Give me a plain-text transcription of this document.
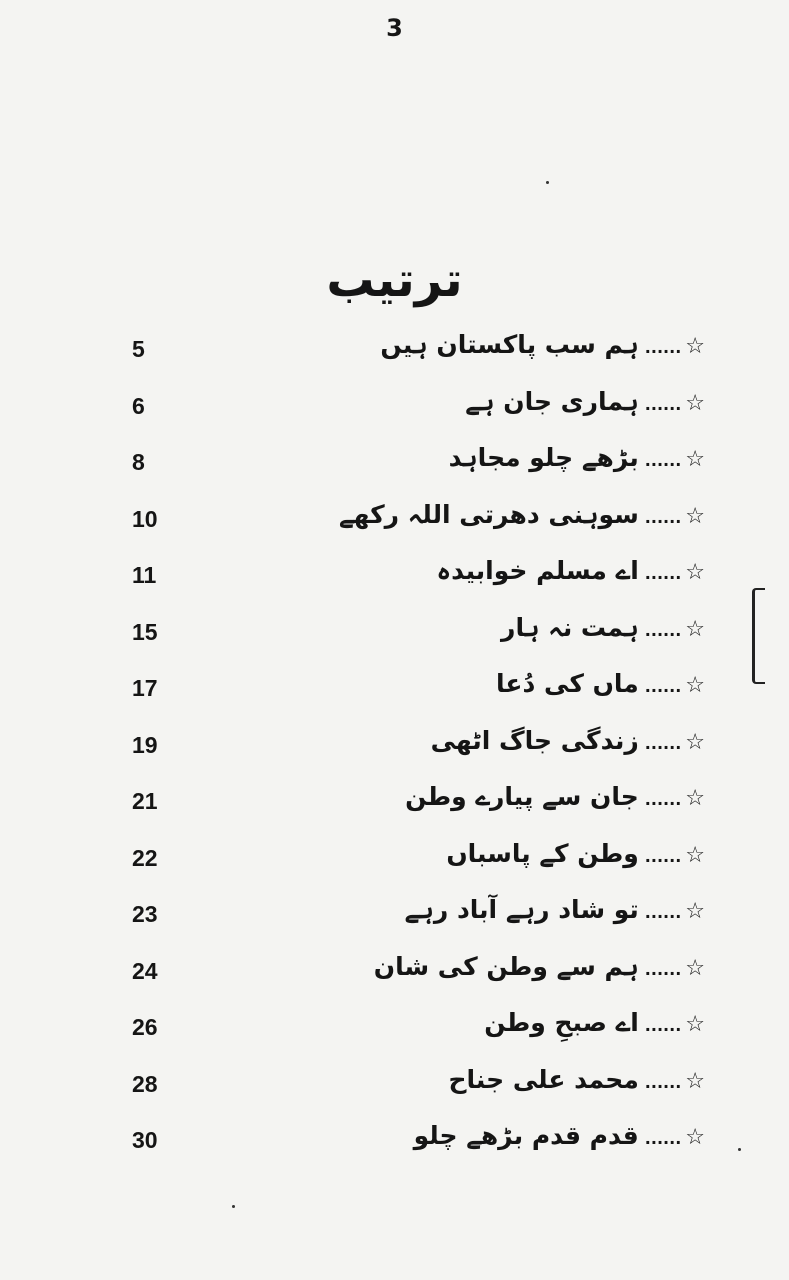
3
ترتیب
5	☆......ہم سب پاکستان ہیں
6	☆......ہماری جان ہے
8	☆......بڑھے چلو مجاہد
10	☆......سوہنی دھرتی اللہ رکھے
11	☆......اے مسلم خوابیدہ
15	☆......ہمت نہ ہار
17	☆......ماں کی دُعا
19	☆......زندگی جاگ اٹھی
21	☆......جان سے پیارے وطن
22	☆......وطن کے پاسباں
23	☆......تو شاد رہے آباد رہے
24	☆......ہم سے وطن کی شان
26	☆......اے صبحِ وطن
28	☆......محمد علی جناح
30	☆......قدم قدم بڑھے چلو
